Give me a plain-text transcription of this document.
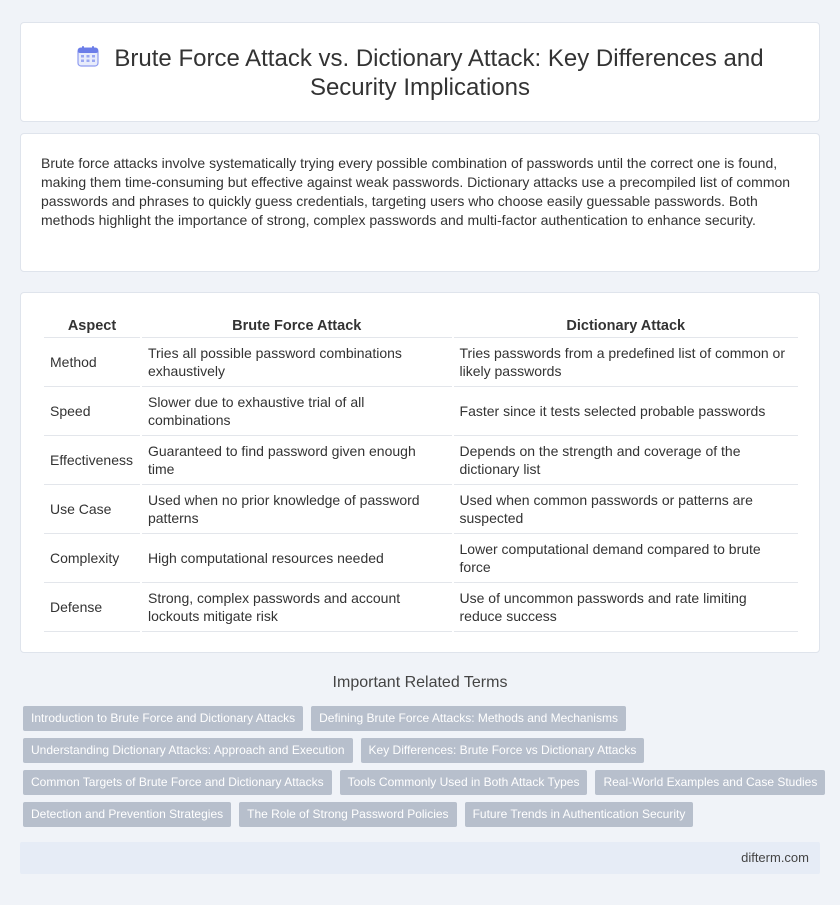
Brute Force Attack vs. Dictionary Attack: Key Differences and Security Implications

Brute force attacks involve systematically trying every possible combination of passwords until the correct one is found, making them time-consuming but effective against weak passwords. Dictionary attacks use a precompiled list of common passwords and phrases to quickly guess credentials, targeting users who choose easily guessable passwords. Both methods highlight the importance of strong, complex passwords and multi-factor authentication to enhance security.

Aspect	Brute Force Attack	Dictionary Attack
Method	Tries all possible password combinations exhaustively	Tries passwords from a predefined list of common or likely passwords
Speed	Slower due to exhaustive trial of all combinations	Faster since it tests selected probable passwords
Effectiveness	Guaranteed to find password given enough time	Depends on the strength and coverage of the dictionary list
Use Case	Used when no prior knowledge of password patterns	Used when common passwords or patterns are suspected
Complexity	High computational resources needed	Lower computational demand compared to brute force
Defense	Strong, complex passwords and account lockouts mitigate risk	Use of uncommon passwords and rate limiting reduce success
Important Related Terms
Introduction to Brute Force and Dictionary Attacks	Defining Brute Force Attacks: Methods and Mechanisms
Understanding Dictionary Attacks: Approach and Execution	Key Differences: Brute Force vs Dictionary Attacks
Common Targets of Brute Force and Dictionary Attacks	Tools Commonly Used in Both Attack Types	Real-World Examples and Case Studies
Detection and Prevention Strategies	The Role of Strong Password Policies	Future Trends in Authentication Security
difterm.com
